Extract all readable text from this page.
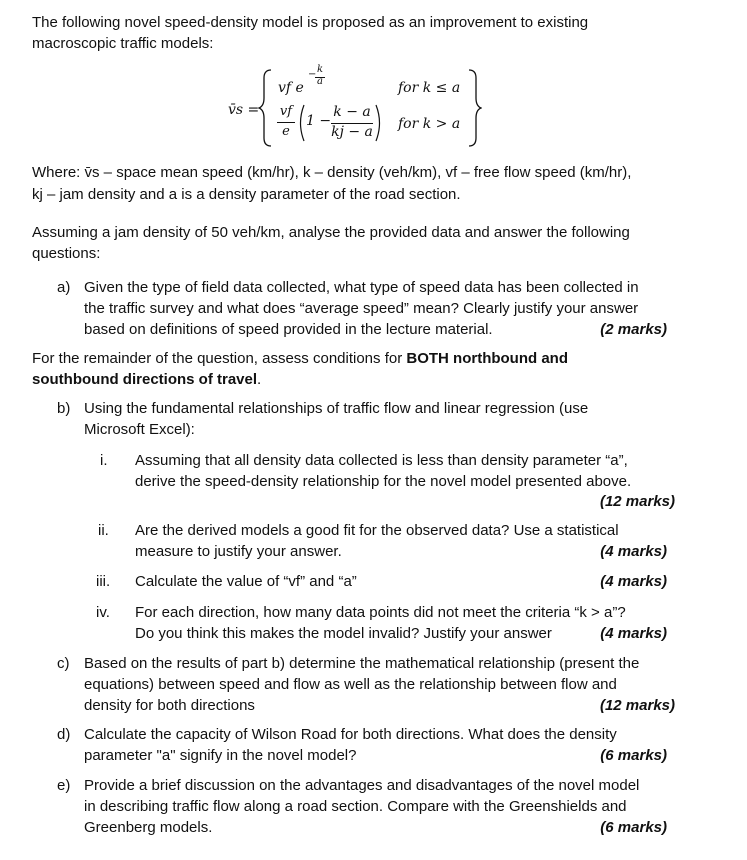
The following novel speed-density model is proposed as an improvement to existing
macroscopic traffic models:
v̄s =
vf e
− k
a	for k ≤ a
vf
e
1 −
k − a
kj − a for k > a
Where: v̄s – space mean speed (km/hr), k – density (veh/km), vf – free flow speed (km/hr),
kj – jam density and a is a density parameter of the road section.
Assuming a jam density of 50 veh/km, analyse the provided data and answer the following
questions:
a) Given the type of field data collected, what type of speed data has been collected in
the traffic survey and what does “average speed” mean? Clearly justify your answer
based on definitions of speed provided in the lecture material.	(2 marks)
For the remainder of the question, assess conditions for BOTH northbound and
southbound directions of travel.
b) Using the fundamental relationships of traffic flow and linear regression (use
Microsoft Excel):
i. Assuming that all density data collected is less than density parameter “a”,
derive the speed-density relationship for the novel model presented above.
(12 marks)
ii. Are the derived models a good fit for the observed data? Use a statistical
measure to justify your answer.	(4 marks)
iii. Calculate the value of “vf” and “a”	(4 marks)
iv. For each direction, how many data points did not meet the criteria “k > a”?
Do you think this makes the model invalid? Justify your answer	(4 marks)
c) Based on the results of part b) determine the mathematical relationship (present the
equations) between speed and flow as well as the relationship between flow and
density for both directions	(12 marks)
d) Calculate the capacity of Wilson Road for both directions. What does the density
parameter "a" signify in the novel model?	(6 marks)
e) Provide a brief discussion on the advantages and disadvantages of the novel model
in describing traffic flow along a road section. Compare with the Greenshields and
Greenberg models.	(6 marks)
